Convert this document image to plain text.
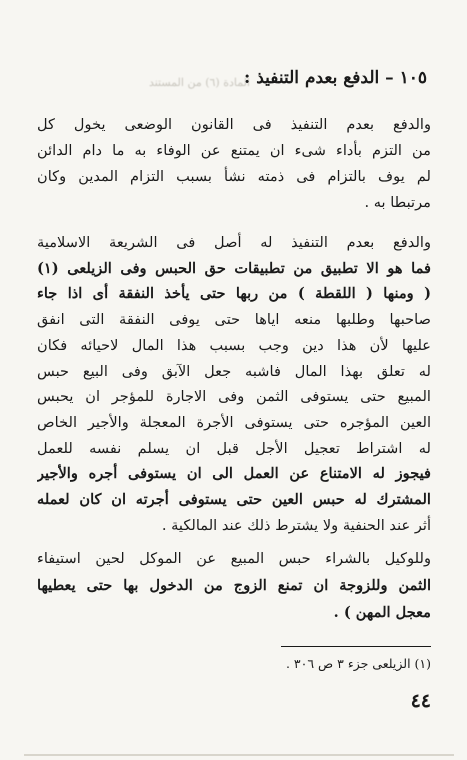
المادة (٦) من المستند
١٠٥ – الدفع بعدم التنفيذ :
والدفع بعدم التنفيذ فى القانون الوضعى يخول كل
من التزم بأداء شىء ان يمتنع عن الوفاء به ما دام الدائن
لم يوف بالتزام فى ذمته نشأ بسبب التزام المدين وكان
مرتبطا به .
والدفع بعدم التنفيذ له أصل فى الشريعة الاسلامية
فما هو الا تطبيق من تطبيقات حق الحبس وفى الزيلعى (١)
( ومنها ( اللقطة ) من ربها حتى يأخذ النفقة أى اذا جاء
صاحبها وطلبها منعه اياها حتى يوفى النفقة التى انفق
عليها لأن هذا دين وجب بسبب هذا المال لاحيائه فكان
له تعلق بهذا المال فاشبه جعل الآبق وفى البيع حبس
المبيع حتى يستوفى الثمن وفى الاجارة للمؤجر ان يحبس
العين المؤجره حتى يستوفى الأجرة المعجلة والأجير الخاص
له اشتراط تعجيل الأجل قبل ان يسلم نفسه للعمل
فيجوز له الامتناع عن العمل الى ان يستوفى أجره والأجير
المشترك له حبس العين حتى يستوفى أجرته ان كان لعمله
أثر عند الحنفية ولا يشترط ذلك عند المالكية .
وللوكيل بالشراء حبس المبيع عن الموكل لحين استيفاء
الثمن وللزوجة ان تمنع الزوج من الدخول بها حتى يعطيها
معجل المهن ) .
(١) الزيلعى جزء ٣ ص ٣٠٦ .
٤٤
